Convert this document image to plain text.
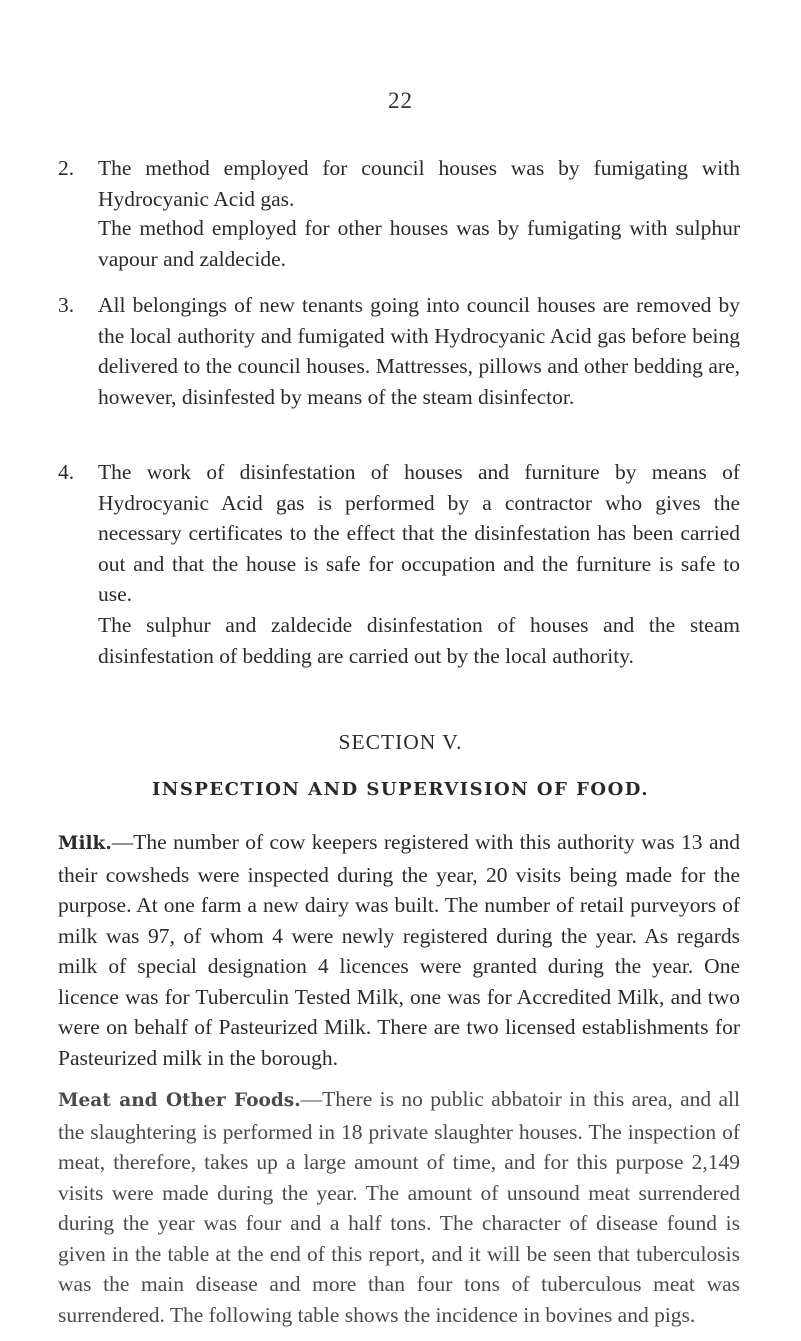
22
2. The method employed for council houses was by fumigating with Hydrocyanic Acid gas.

The method employed for other houses was by fumigating with sulphur vapour and zaldecide.

3. All belongings of new tenants going into council houses are removed by the local authority and fumigated with Hydrocyanic Acid gas before being delivered to the council houses. Mattresses, pillows and other bedding are, however, disinfested by means of the steam disinfector.

4. The work of disinfestation of houses and furniture by means of Hydrocyanic Acid gas is performed by a contractor who gives the necessary certificates to the effect that the disinfestation has been carried out and that the house is safe for occupation and the furniture is safe to use.

The sulphur and zaldecide disinfestation of houses and the steam disinfestation of bedding are carried out by the local authority.

SECTION V.
INSPECTION AND SUPERVISION OF FOOD.

Milk.—The number of cow keepers registered with this authority was 13 and their cowsheds were inspected during the year, 20 visits being made for the purpose. At one farm a new dairy was built. The number of retail purveyors of milk was 97, of whom 4 were newly registered during the year. As regards milk of special designation 4 licences were granted during the year. One licence was for Tuberculin Tested Milk, one was for Accredited Milk, and two were on behalf of Pasteurized Milk. There are two licensed establishments for Pasteurized milk in the borough.

Meat and Other Foods.—There is no public abbatoir in this area, and all the slaughtering is performed in 18 private slaughter houses. The inspection of meat, therefore, takes up a large amount of time, and for this purpose 2,149 visits were made during the year. The amount of unsound meat surrendered during the year was four and a half tons. The character of disease found is given in the table at the end of this report, and it will be seen that tuberculosis was the main disease and more than four tons of tuberculous meat was surrendered. The following table shows the incidence in bovines and pigs.
